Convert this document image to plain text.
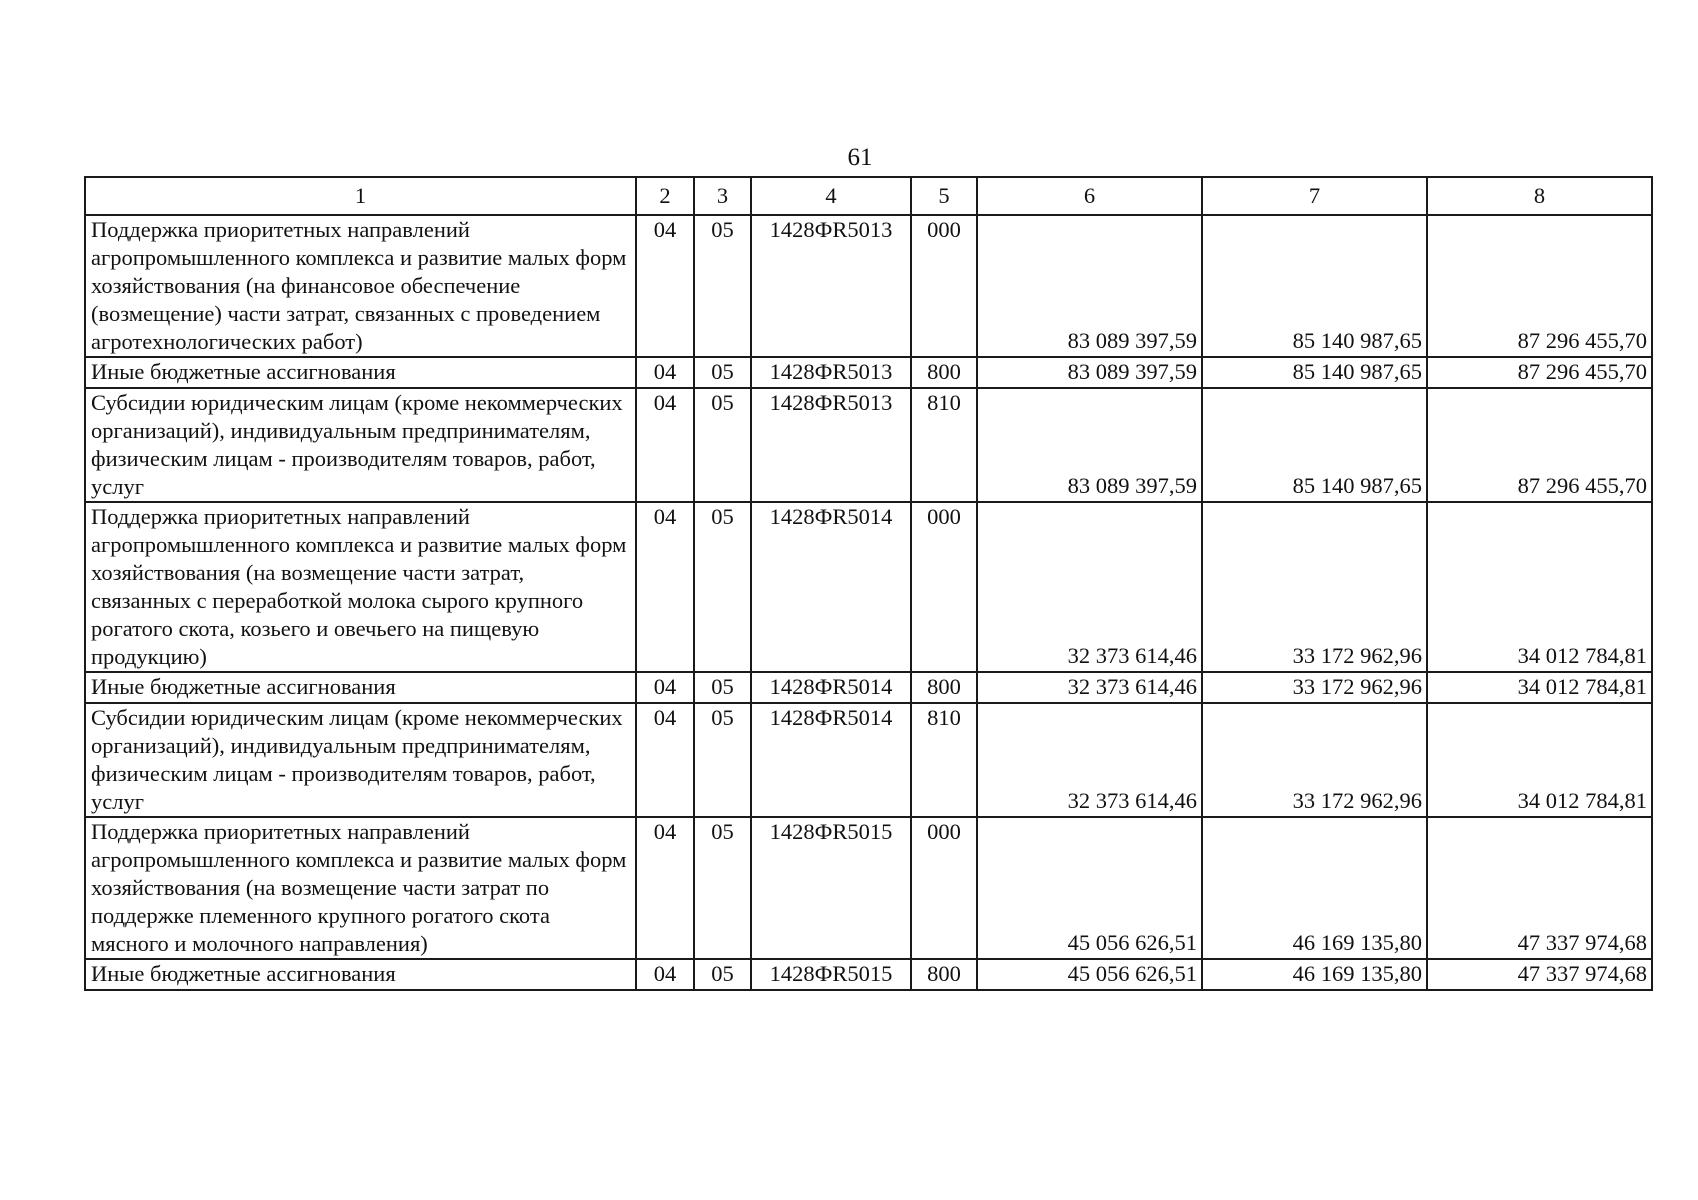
61
1	2	3	4	5	6	7	8
Поддержка приоритетных направлений агропромышленного комплекса и развитие малых форм хозяйствования (на финансовое обеспечение (возмещение) части затрат, связанных с проведением агротехнологических работ)	04	05	1428ФR5013	000	83 089 397,59	85 140 987,65	87 296 455,70
Иные бюджетные ассигнования	04	05	1428ФR5013	800	83 089 397,59	85 140 987,65	87 296 455,70
Субсидии юридическим лицам (кроме некоммерческих организаций), индивидуальным предпринимателям, физическим лицам - производителям товаров, работ, услуг	04	05	1428ФR5013	810	83 089 397,59	85 140 987,65	87 296 455,70
Поддержка приоритетных направлений агропромышленного комплекса и развитие малых форм хозяйствования (на возмещение части затрат, связанных с переработкой молока сырого крупного рогатого скота, козьего и овечьего на пищевую продукцию)	04	05	1428ФR5014	000	32 373 614,46	33 172 962,96	34 012 784,81
Иные бюджетные ассигнования	04	05	1428ФR5014	800	32 373 614,46	33 172 962,96	34 012 784,81
Субсидии юридическим лицам (кроме некоммерческих организаций), индивидуальным предпринимателям, физическим лицам - производителям товаров, работ, услуг	04	05	1428ФR5014	810	32 373 614,46	33 172 962,96	34 012 784,81
Поддержка приоритетных направлений агропромышленного комплекса и развитие малых форм хозяйствования (на возмещение части затрат по поддержке племенного крупного рогатого скота мясного и молочного направления)	04	05	1428ФR5015	000	45 056 626,51	46 169 135,80	47 337 974,68
Иные бюджетные ассигнования	04	05	1428ФR5015	800	45 056 626,51	46 169 135,80	47 337 974,68
